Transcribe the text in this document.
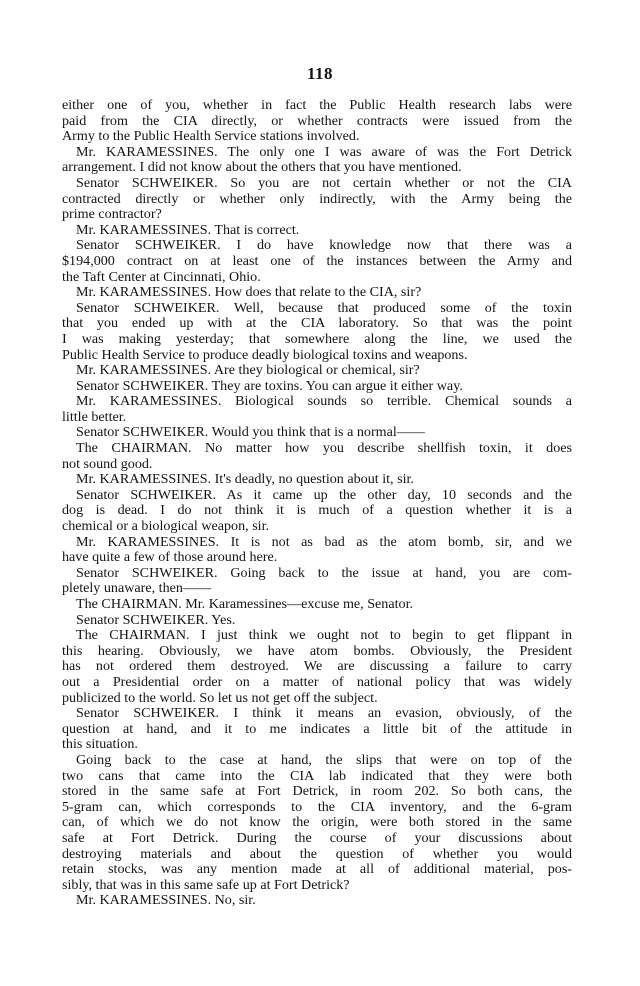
118
either one of you, whether in fact the Public Health research labs were
paid from the CIA directly, or whether contracts were issued from the
Army to the Public Health Service stations involved.
Mr. KARAMESSINES. The only one I was aware of was the Fort Detrick
arrangement. I did not know about the others that you have mentioned.
Senator SCHWEIKER. So you are not certain whether or not the CIA
contracted directly or whether only indirectly, with the Army being the
prime contractor?
Mr. KARAMESSINES. That is correct.
Senator SCHWEIKER. I do have knowledge now that there was a
$194,000 contract on at least one of the instances between the Army and
the Taft Center at Cincinnati, Ohio.
Mr. KARAMESSINES. How does that relate to the CIA, sir?
Senator SCHWEIKER. Well, because that produced some of the toxin
that you ended up with at the CIA laboratory. So that was the point
I was making yesterday; that somewhere along the line, we used the
Public Health Service to produce deadly biological toxins and weapons.
Mr. KARAMESSINES. Are they biological or chemical, sir?
Senator SCHWEIKER. They are toxins. You can argue it either way.
Mr. KARAMESSINES. Biological sounds so terrible. Chemical sounds a
little better.
Senator SCHWEIKER. Would you think that is a normal——
The CHAIRMAN. No matter how you describe shellfish toxin, it does
not sound good.
Mr. KARAMESSINES. It's deadly, no question about it, sir.
Senator SCHWEIKER. As it came up the other day, 10 seconds and the
dog is dead. I do not think it is much of a question whether it is a
chemical or a biological weapon, sir.
Mr. KARAMESSINES. It is not as bad as the atom bomb, sir, and we
have quite a few of those around here.
Senator SCHWEIKER. Going back to the issue at hand, you are com-
pletely unaware, then——
The CHAIRMAN. Mr. Karamessines—excuse me, Senator.
Senator SCHWEIKER. Yes.
The CHAIRMAN. I just think we ought not to begin to get flippant in
this hearing. Obviously, we have atom bombs. Obviously, the President
has not ordered them destroyed. We are discussing a failure to carry
out a Presidential order on a matter of national policy that was widely
publicized to the world. So let us not get off the subject.
Senator SCHWEIKER. I think it means an evasion, obviously, of the
question at hand, and it to me indicates a little bit of the attitude in
this situation.
Going back to the case at hand, the slips that were on top of the
two cans that came into the CIA lab indicated that they were both
stored in the same safe at Fort Detrick, in room 202. So both cans, the
5-gram can, which corresponds to the CIA inventory, and the 6-gram
can, of which we do not know the origin, were both stored in the same
safe at Fort Detrick. During the course of your discussions about
destroying materials and about the question of whether you would
retain stocks, was any mention made at all of additional material, pos-
sibly, that was in this same safe up at Fort Detrick?
Mr. KARAMESSINES. No, sir.
